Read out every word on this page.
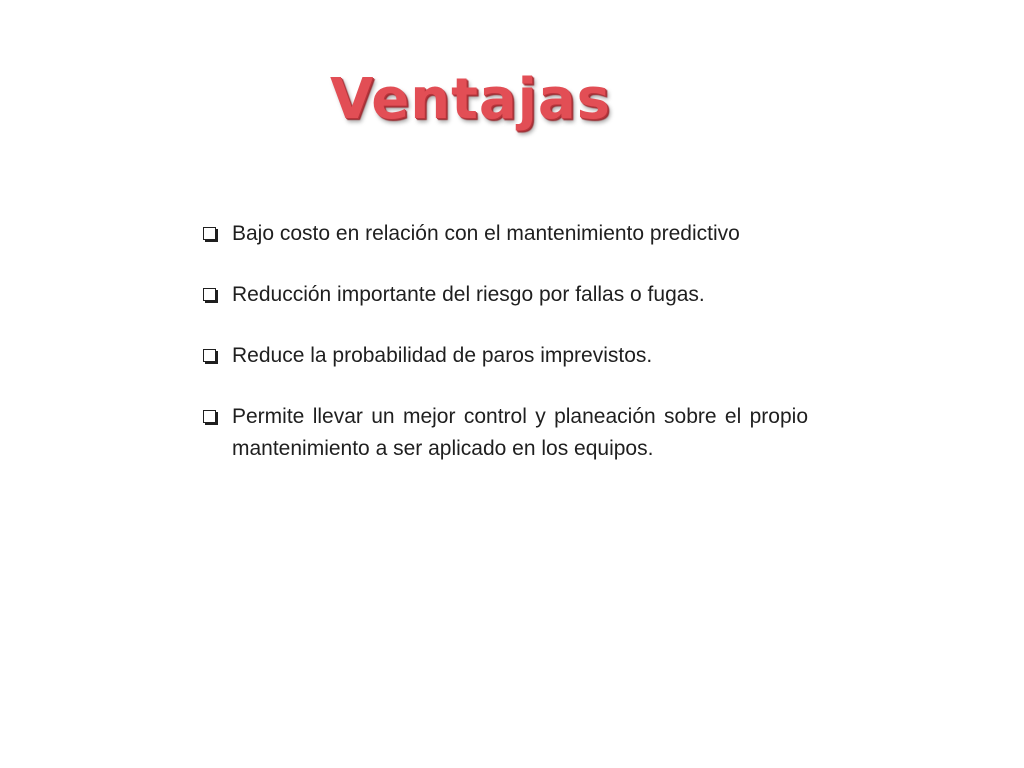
Ventajas
Bajo costo en relación con el mantenimiento predictivo
Reducción importante del riesgo por fallas o fugas.
Reduce la probabilidad de paros imprevistos.
Permite llevar un mejor control y planeación sobre el propio mantenimiento a ser aplicado en los equipos.
